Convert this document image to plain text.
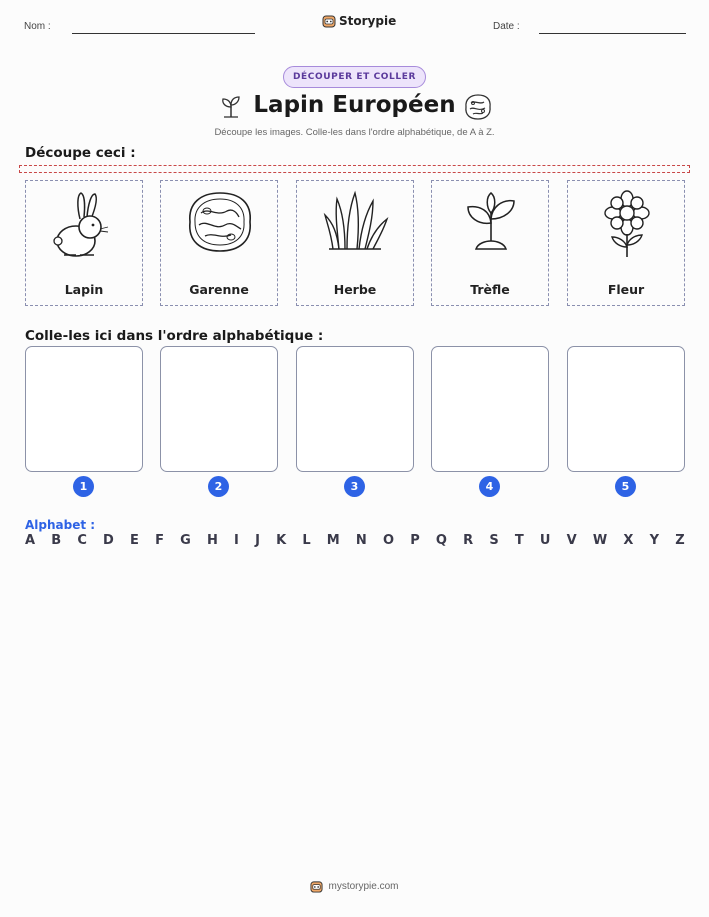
Nom :	Storypie	Date :
DÉCOUPER ET COLLER
Lapin Européen
Découpe les images. Colle-les dans l'ordre alphabétique, de A à Z.
Découpe ceci :
Lapin	Garenne	Herbe	Trèfle	Fleur
Colle-les ici dans l'ordre alphabétique :
1	2	3	4	5
Alphabet :
A B C D E F G H I J K L M N O P Q R S T U V W X Y Z
mystorypie.com
